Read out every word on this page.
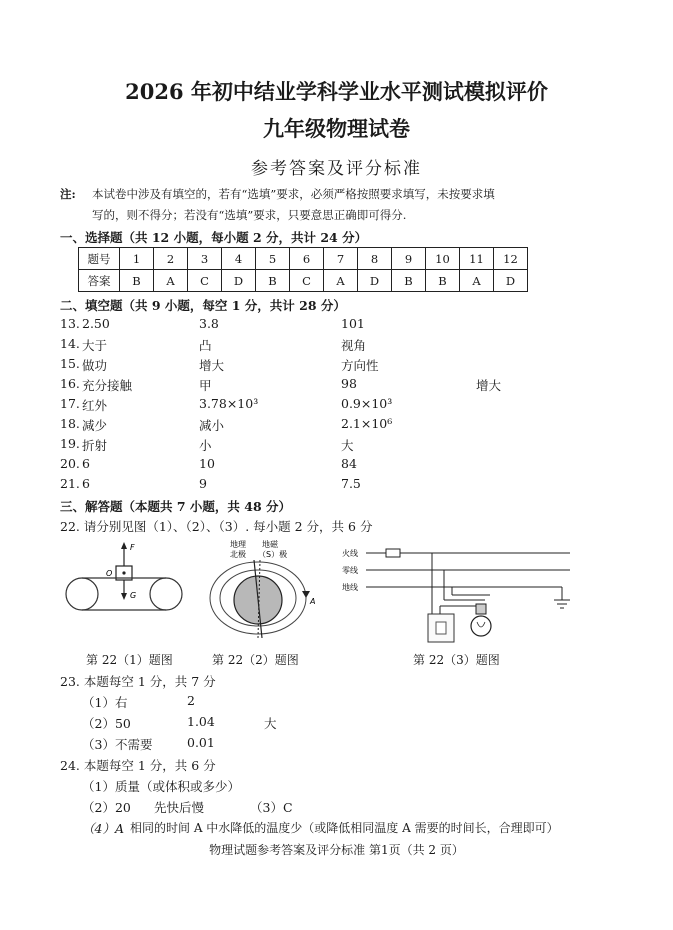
2026 年初中结业学科学业水平测试模拟评价
九年级物理试卷
参考答案及评分标准
注: 本试卷中涉及有填空的，若有“选填”要求，必须严格按照要求填写，未按要求填
写的，则不得分；若没有“选填”要求，只要意思正确即可得分.
一、选择题（共 12 小题，每小题 2 分，共计 24 分）
题号	1	2	3	4	5	6	7	8	9	10	11	12
答案	B	A	C	D	B	C	A	D	B	B	A	D
二、填空题（共 9 小题，每空 1 分，共计 28 分）
13. 2.50	3.8	101
14. 大于	凸	视角
15. 做功	增大	方向性
16. 充分接触	甲	98	增大
17. 红外	3.78×10³	0.9×10³
18. 减少	减小	2.1×10⁶
19. 折射	小	大
20. 6	10	84
21. 6	9	7.5
三、解答题（本题共 7 小题，共 48 分）
22. 请分别见图（1）、（2）、（3）. 每小题 2 分，共 6 分
F
O
G
地理
北极
地磁
（S）极
A
火线
零线
地线
第 22（1）题图	第 22（2）题图	第 22（3）题图
23. 本题每空 1 分，共 7 分
（1）右	2
（2）50	1.04	大
（3）不需要	0.01
24. 本题每空 1 分，共 6 分
（1）质量（或体积或多少）
（2）20 先快后慢	（3）C
（4）A 相同的时间 A 中水降低的温度少（或降低相同温度 A 需要的时间长，合理即可）
物理试题参考答案及评分标准 第1页（共 2 页）
